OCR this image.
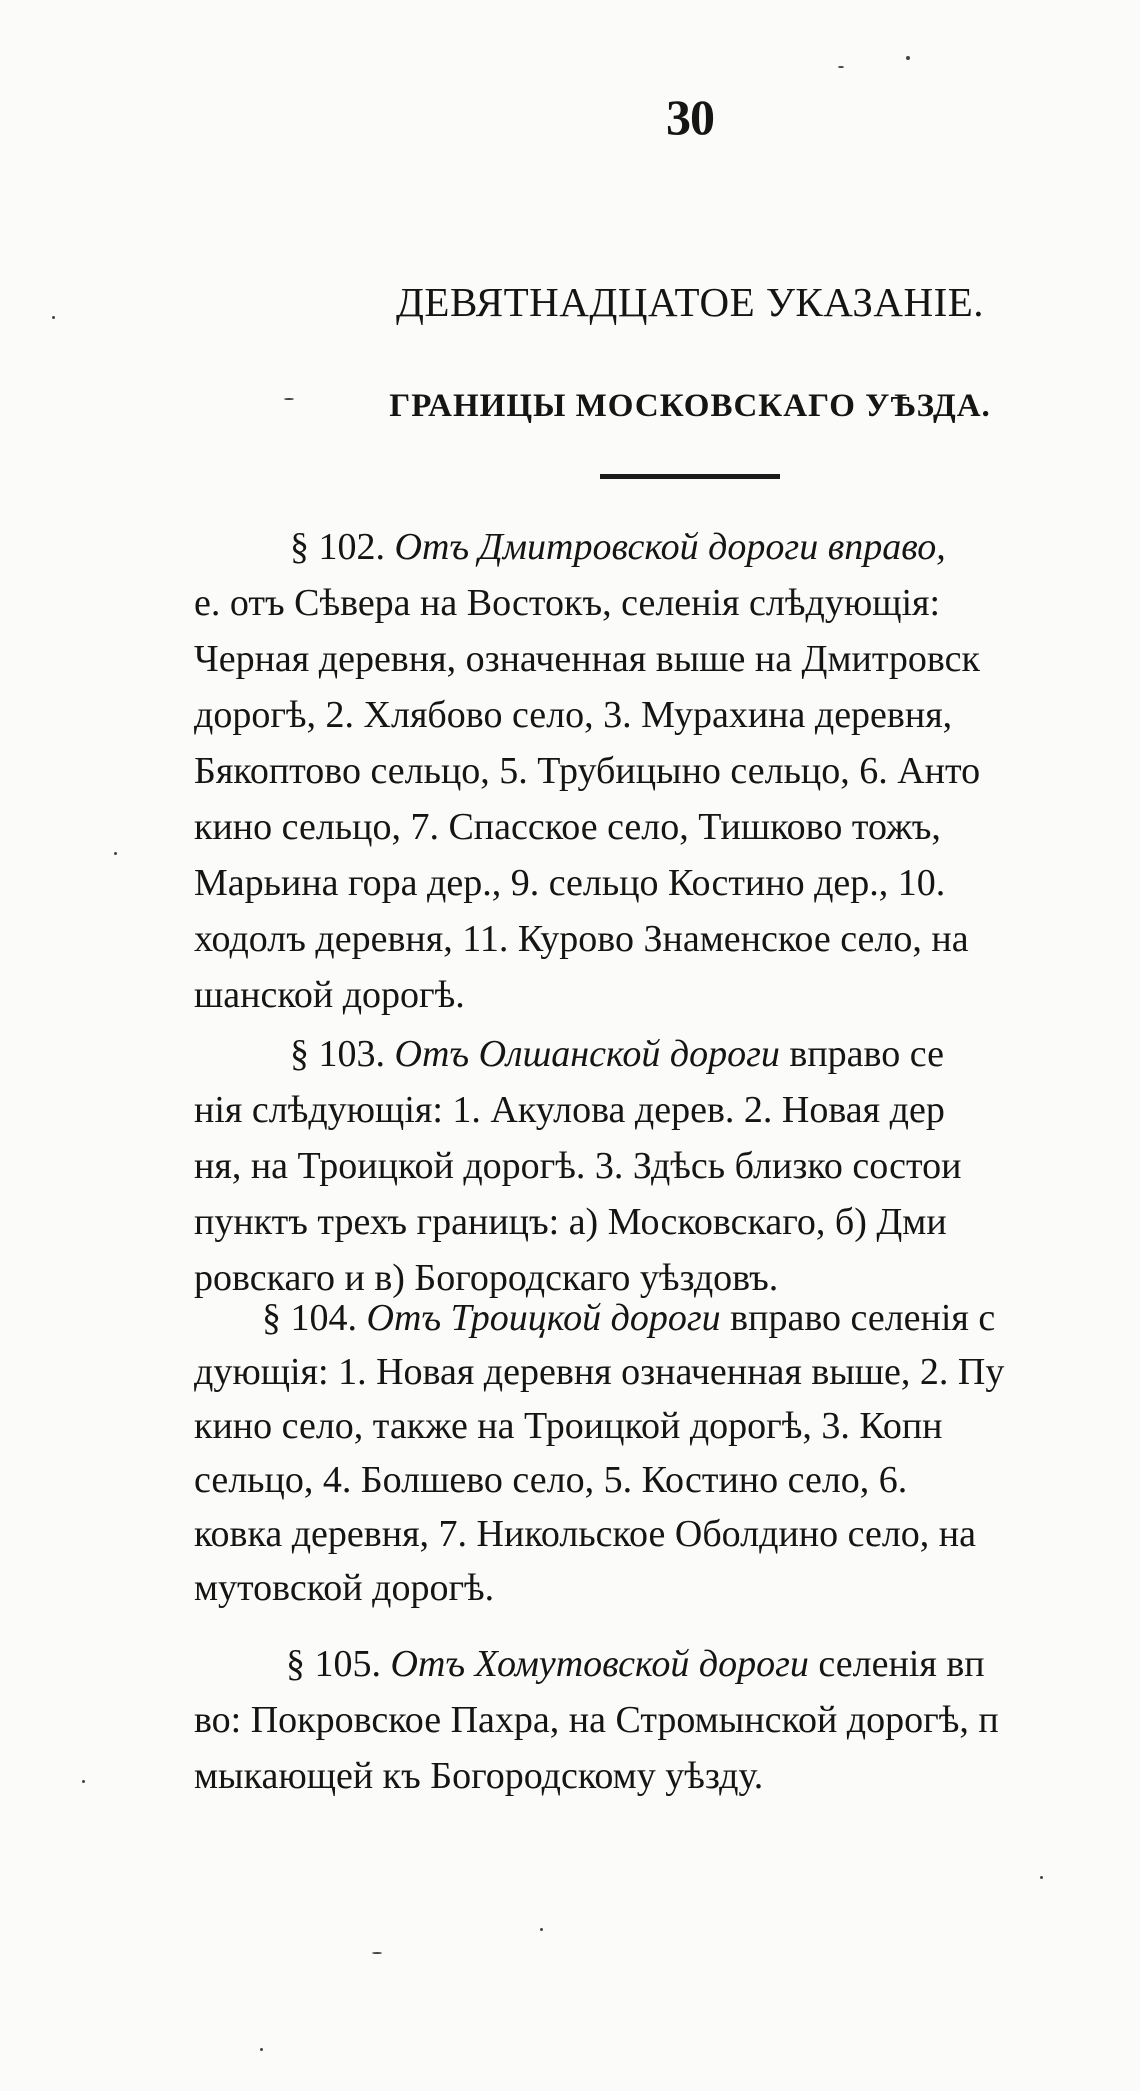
30
ДЕВЯТНАДЦАТОЕ УКАЗАНІЕ.
ГРАНИЦЫ МОСКОВСКАГО УѢЗДА.
§ 102. Отъ Дмитровской дороги вправо,
е. отъ Сѣвера на Востокъ, селенія слѣдующія:
Черная деревня, означенная выше на Дмитровск
дорогѣ, 2. Хлябово село, 3. Мурахина деревня,
Бякоптово сельцо, 5. Трубицыно сельцо, 6. Анто
кино сельцо, 7. Спасское село, Тишково тожъ,
Марьина гора дер., 9. сельцо Костино дер., 10.
ходолъ деревня, 11. Курово Знаменское село, на
шанской дорогѣ.
§ 103. Отъ Олшанской дороги вправо се
нія слѣдующія: 1. Акулова дерев. 2. Новая дер
ня, на Троицкой дорогѣ. 3. Здѣсь близко состои
пунктъ трехъ границъ: а) Московскаго, б) Дми
ровскаго и в) Богородскаго уѣздовъ.
§ 104. Отъ Троицкой дороги вправо селенія с
дующія: 1. Новая деревня означенная выше, 2. Пу
кино село, также на Троицкой дорогѣ, 3. Копн
сельцо, 4. Болшево село, 5. Костино село, 6.
ковка деревня, 7. Никольское Оболдино село, на
мутовской дорогѣ.
§ 105. Отъ Хомутовской дороги селенія вп
во: Покровское Пахра, на Стромынской дорогѣ, п
мыкающей къ Богородскому уѣзду.
